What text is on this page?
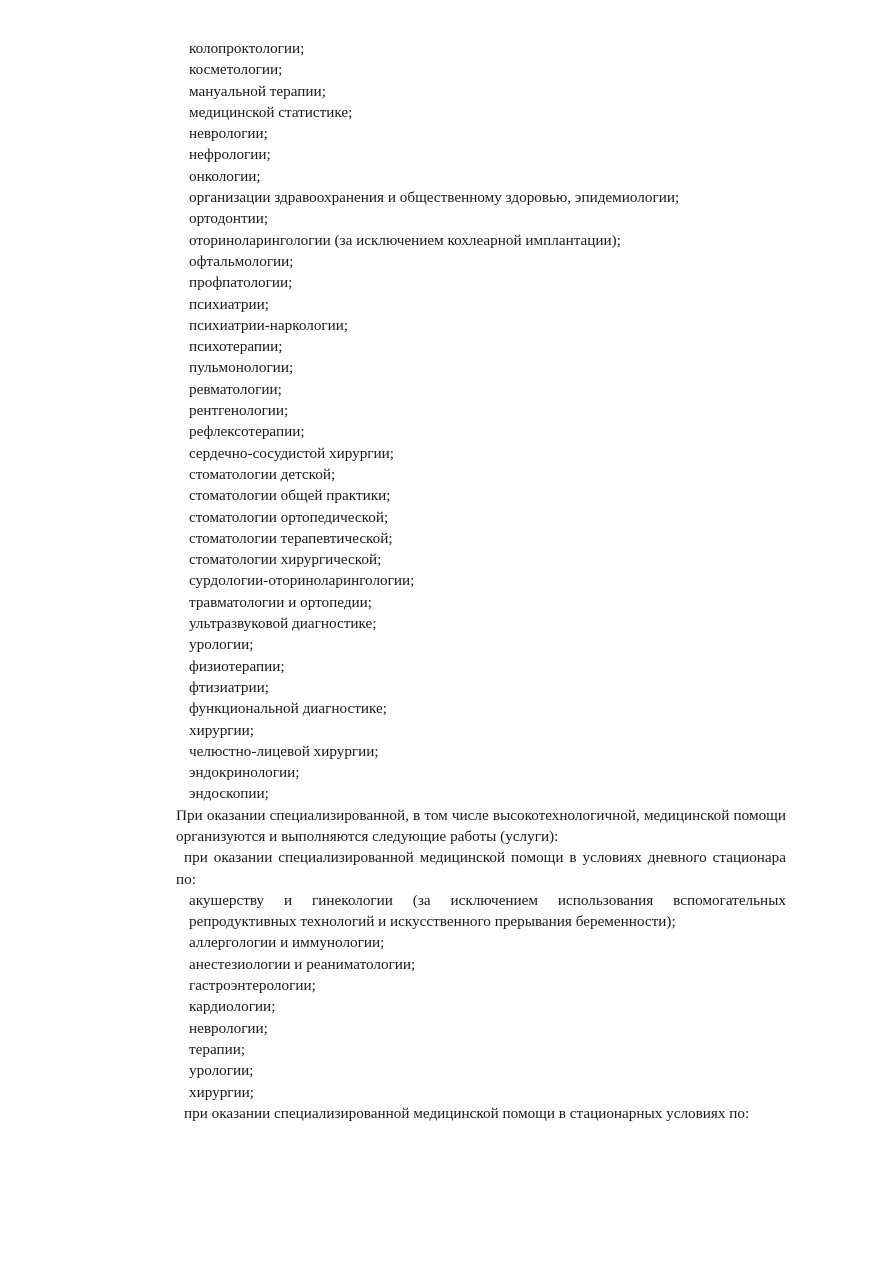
колопроктологии;
косметологии;
мануальной терапии;
медицинской статистике;
неврологии;
нефрологии;
онкологии;
организации здравоохранения и общественному здоровью, эпидемиологии;
ортодонтии;
оториноларингологии (за исключением кохлеарной имплантации);
офтальмологии;
профпатологии;
психиатрии;
психиатрии-наркологии;
психотерапии;
пульмонологии;
ревматологии;
рентгенологии;
рефлексотерапии;
сердечно-сосудистой хирургии;
стоматологии детской;
стоматологии общей практики;
стоматологии ортопедической;
стоматологии терапевтической;
стоматологии хирургической;
сурдологии-оториноларингологии;
травматологии и ортопедии;
ультразвуковой диагностике;
урологии;
физиотерапии;
фтизиатрии;
функциональной диагностике;
хирургии;
челюстно-лицевой хирургии;
эндокринологии;
эндоскопии;

При оказании специализированной, в том числе высокотехнологичной, медицинской помощи организуются и выполняются следующие работы (услуги):

при оказании специализированной медицинской помощи в условиях дневного стационара по:

акушерству и гинекологии (за исключением использования вспомогательных репродуктивных технологий и искусственного прерывания беременности);

аллергологии и иммунологии;
анестезиологии и реаниматологии;
гастроэнтерологии;
кардиологии;
неврологии;
терапии;
урологии;
хирургии;

при оказании специализированной медицинской помощи в стационарных условиях по:
